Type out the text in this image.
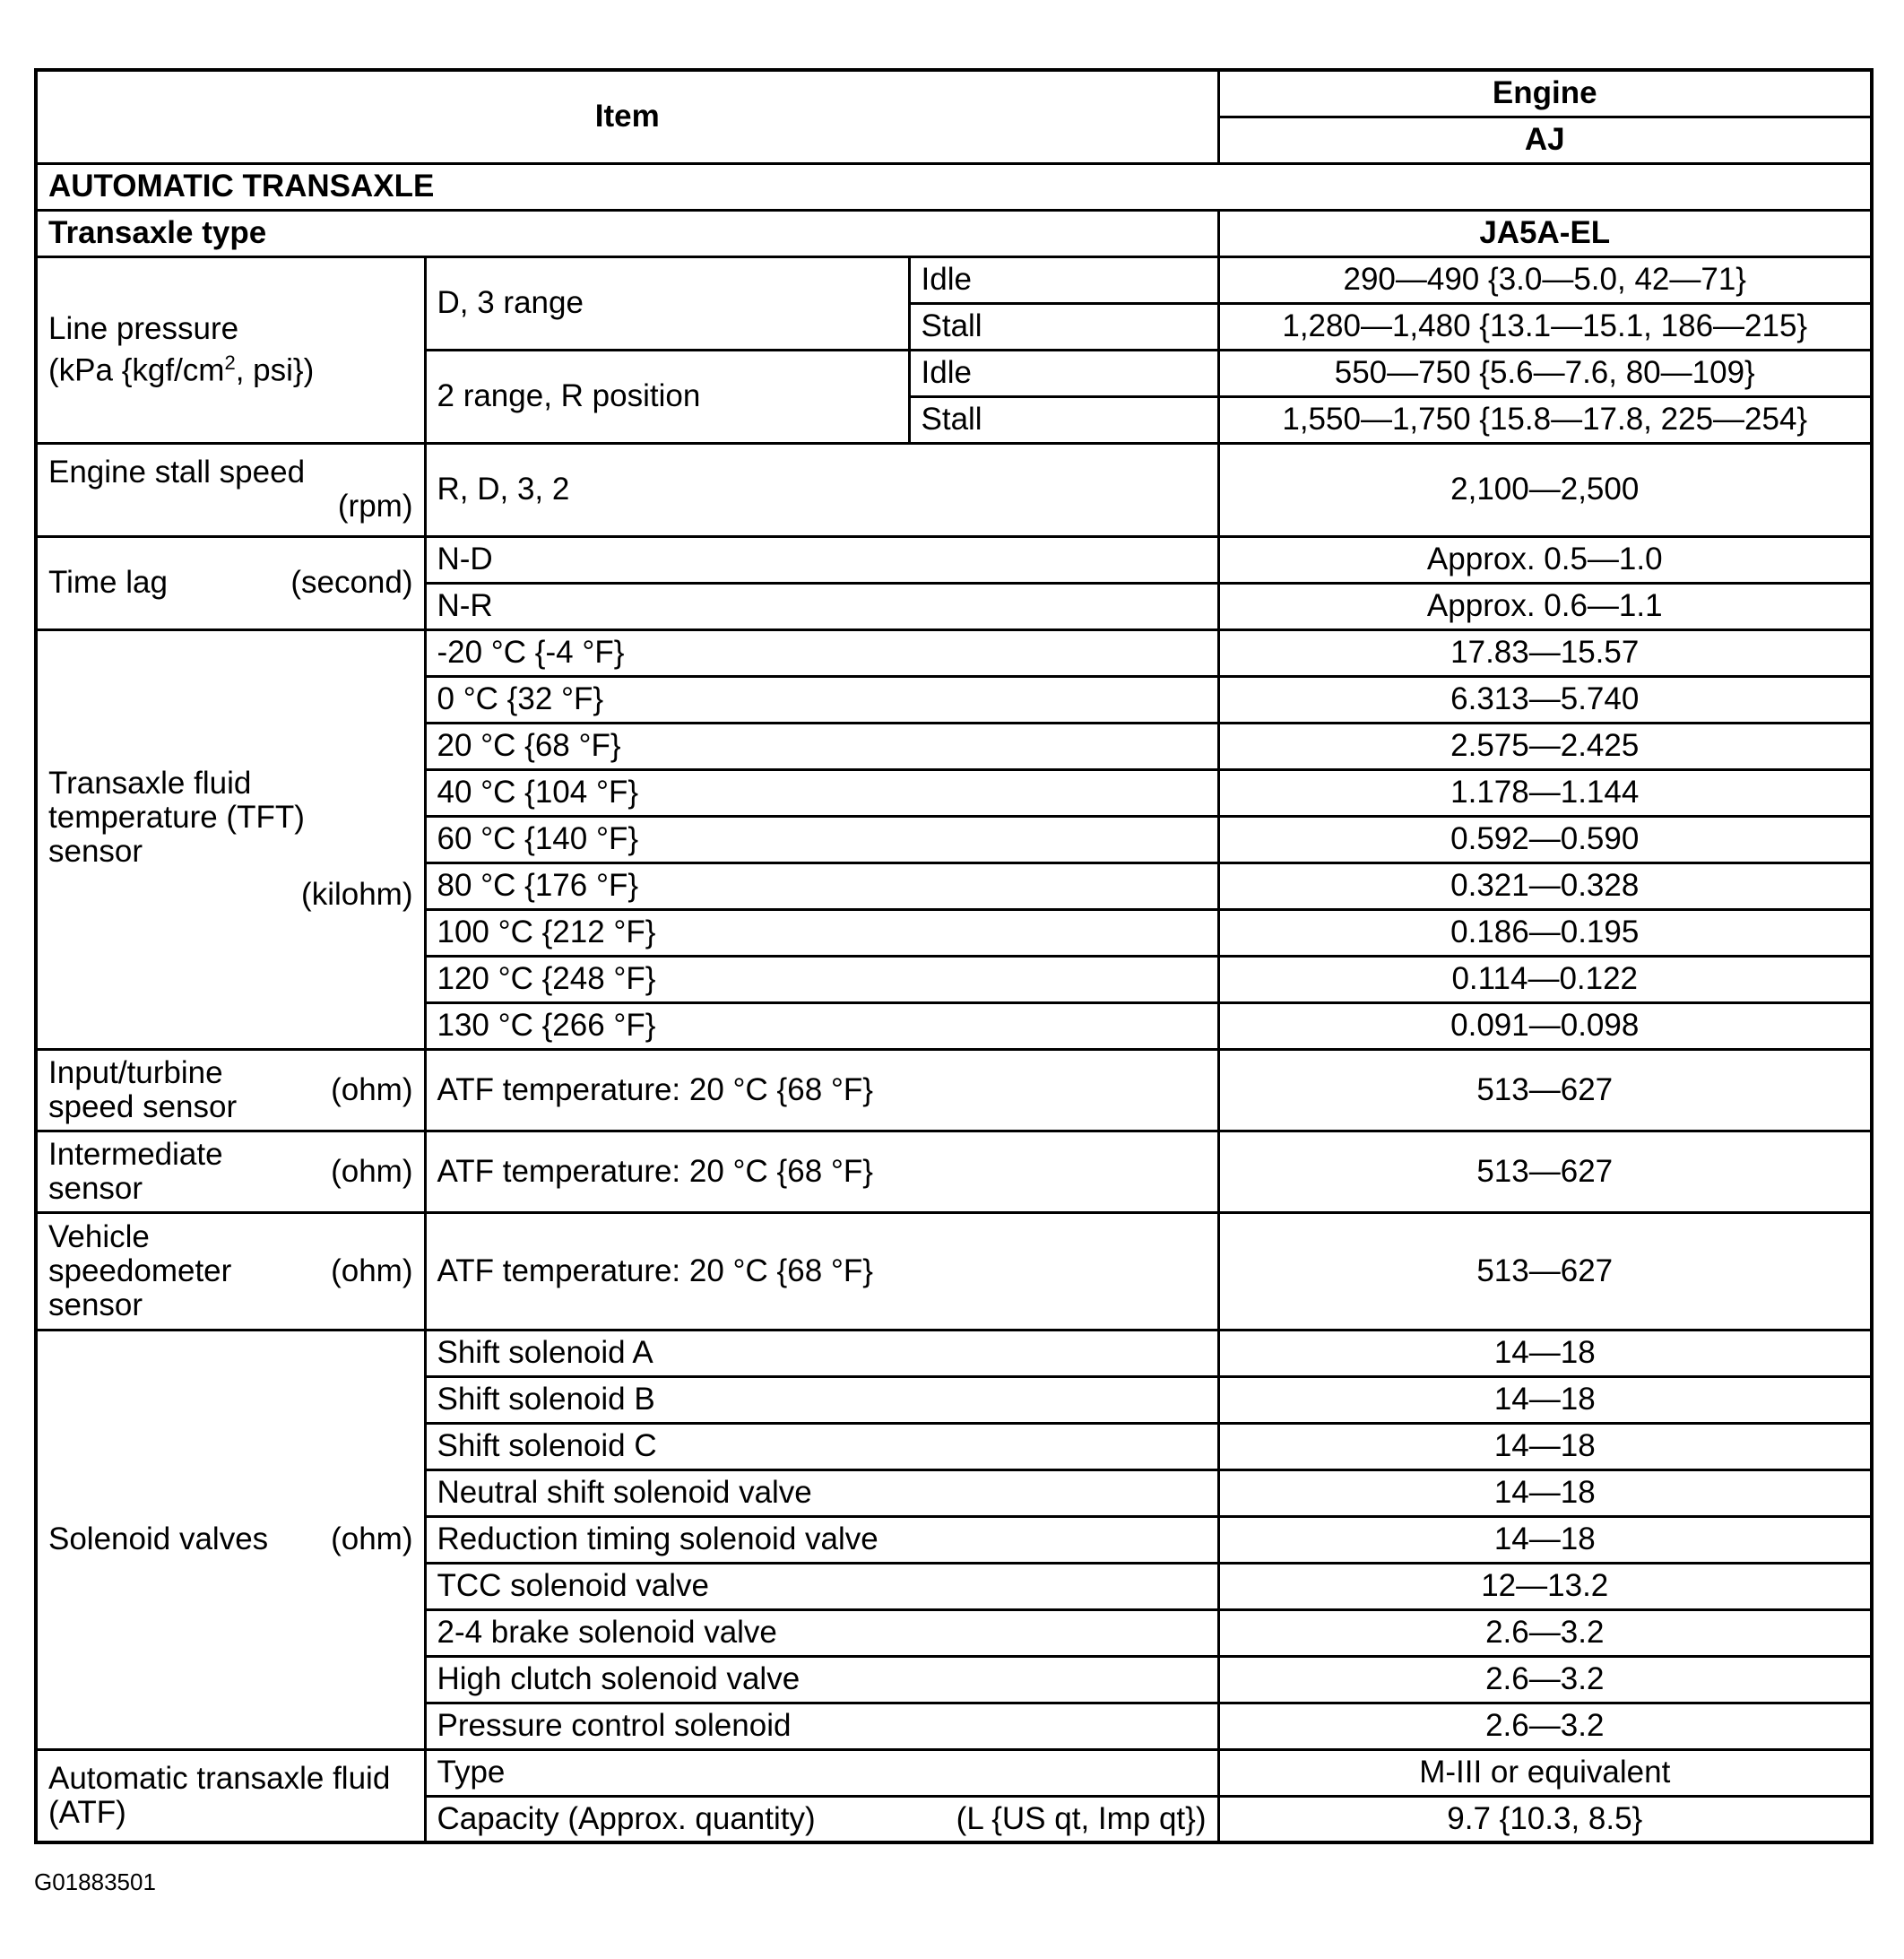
Item			Engine
			AJ
AUTOMATIC TRANSAXLE			
Transaxle type			JA5A-EL

Line pressure
(kPa {$kgf/cm^2$, psi})	D, 3 range	Idle	290—490 {3.0—5.0, 42—71}
		Stall	1,280—1,480 {13.1—15.1, 186—215}
	2 range, R position	Idle	550—750 {5.6—7.6, 80—109}
		Stall	1,550—1,750 {15.8—17.8, 225—254}

Engine stall speed
(rpm)	R, D, 3, 2		2,100—2,500

Time lag (second)	N-D		Approx. 0.5—1.0
	N-R		Approx. 0.6—1.1

Transaxle fluid
temperature (TFT)
sensor
(kilohm)	-20 °C {-4 °F}		17.83—15.57
	0 °C {32 °F}		6.313—5.740
	20 °C {68 °F}		2.575—2.425
	40 °C {104 °F}		1.178—1.144
	60 °C {140 °F}		0.592—0.590
	80 °C {176 °F}		0.321—0.328
	100 °C {212 °F}		0.186—0.195
	120 °C {248 °F}		0.114—0.122
	130 °C {266 °F}		0.091—0.098

Input/turbine
speed sensor (ohm)	ATF temperature: 20 °C {68 °F}		513—627

Intermediate
sensor (ohm)	ATF temperature: 20 °C {68 °F}		513—627

Vehicle
speedometer
sensor
(ohm)	ATF temperature: 20 °C {68 °F}		513—627

Solenoid valves (ohm)	Shift solenoid A		14—18
	Shift solenoid B		14—18
	Shift solenoid C		14—18
	Neutral shift solenoid valve		14—18
	Reduction timing solenoid valve		14—18
	TCC solenoid valve		12—13.2
	2-4 brake solenoid valve		2.6—3.2
	High clutch solenoid valve		2.6—3.2
	Pressure control solenoid		2.6—3.2

Automatic transaxle fluid
(ATF)	Type		M-III or equivalent

	Capacity (Approx. quantity) (L {US qt, Imp qt})		9.7 {10.3, 8.5}
G01883501
